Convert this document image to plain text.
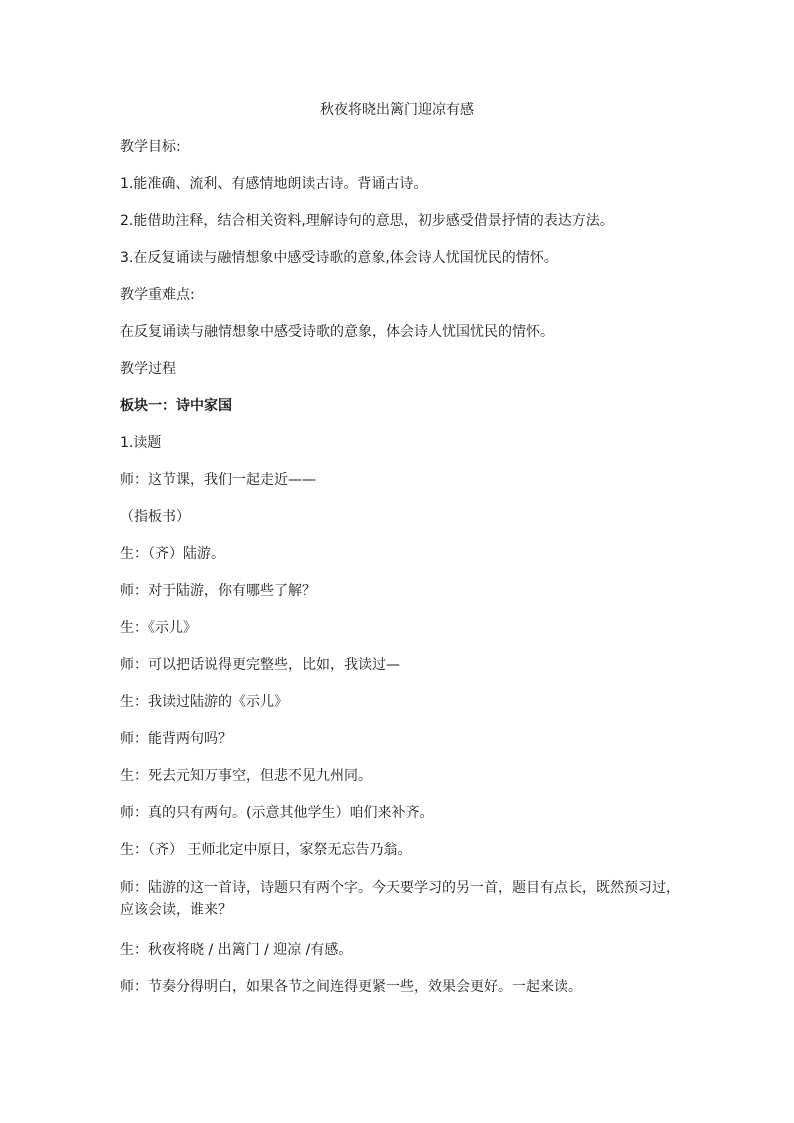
秋夜将晓出篱门迎凉有感
教学目标:
1.能准确、流利、有感情地朗读古诗。背诵古诗。
2.能借助注释，结合相关资料,理解诗句的意思，初步感受借景抒情的表达方法。
3.在反复诵读与融情想象中感受诗歌的意象,体会诗人忧国忧民的情怀。
教学重难点:
在反复诵读与融情想象中感受诗歌的意象，体会诗人忧国忧民的情怀。
教学过程
板块一：诗中家国
1.读题
师：这节课，我们一起走近——
（指板书）
生：（齐）陆游。
师：对于陆游，你有哪些了解？
生：《示儿》
师：可以把话说得更完整些，比如，我读过—
生：我读过陆游的《示儿》
师：能背两句吗？
生：死去元知万事空，但悲不见九州同。
师：真的只有两句。(示意其他学生）咱们来补齐。
生：（齐） 王师北定中原日，家祭无忘告乃翁。
师：陆游的这一首诗，诗题只有两个字。今天要学习的另一首，题目有点长，既然预习过，应该会读，谁来？
生：秋夜将晓 / 出篱门 / 迎凉 /有感。
师：节奏分得明白，如果各节之间连得更紧一些，效果会更好。一起来读。
